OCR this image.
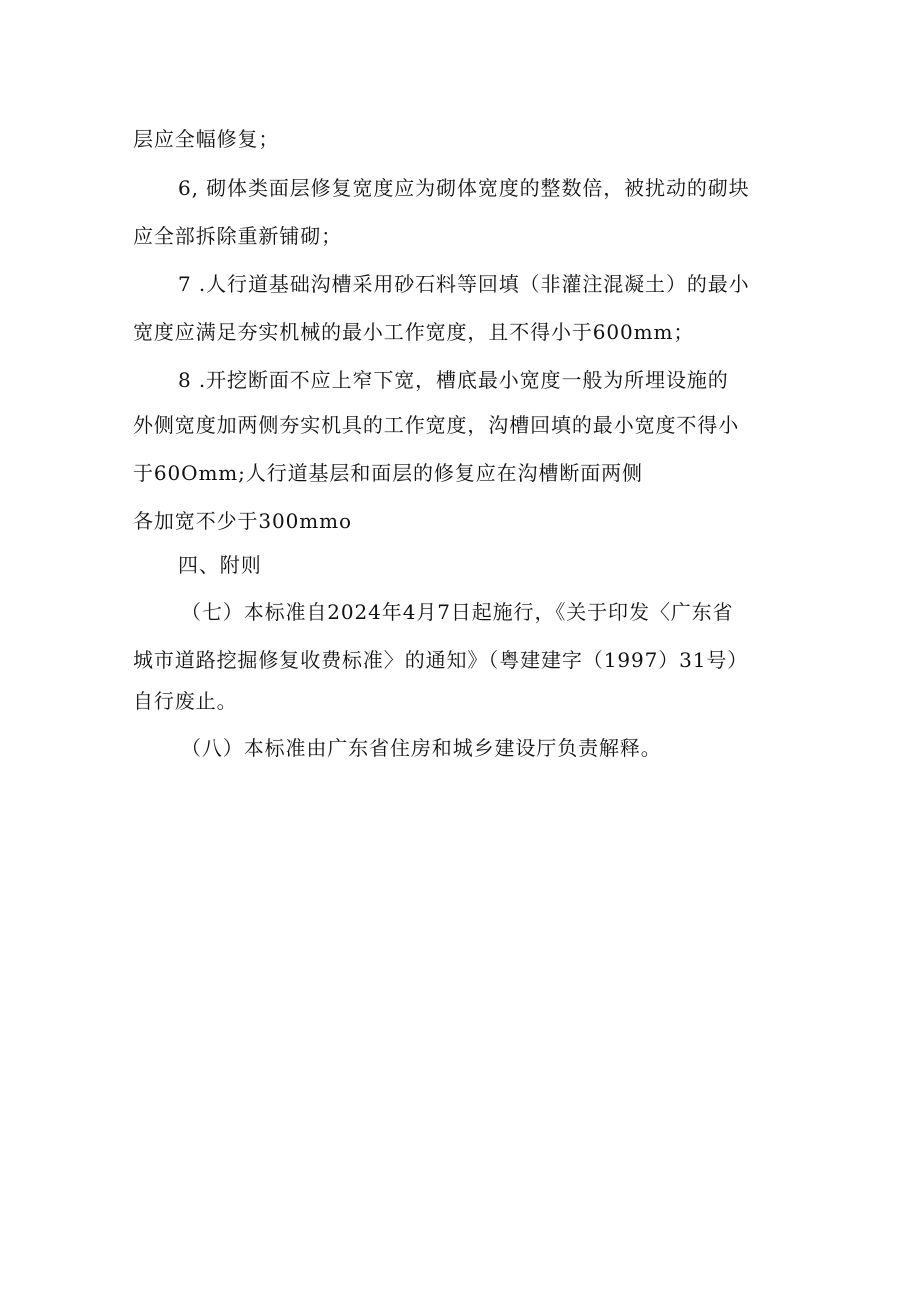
层应全幅修复；
6, 砌体类面层修复宽度应为砌体宽度的整数倍，被扰动的砌块
应全部拆除重新铺砌；
7 .人行道基础沟槽采用砂石料等回填（非灌注混凝土）的最小
宽度应满足夯实机械的最小工作宽度，且不得小于600mm；
8 .开挖断面不应上窄下宽，槽底最小宽度一般为所埋设施的
外侧宽度加两侧夯实机具的工作宽度，沟槽回填的最小宽度不得小
于60Omm;人行道基层和面层的修复应在沟槽断面两侧
各加宽不少于300mmo
四、附则
（七）本标准自2024年4月7日起施行，《关于印发〈广东省
城市道路挖掘修复收费标准〉的通知》（粤建建字（1997）31号）
自行废止。
（八）本标准由广东省住房和城乡建设厅负责解释。
